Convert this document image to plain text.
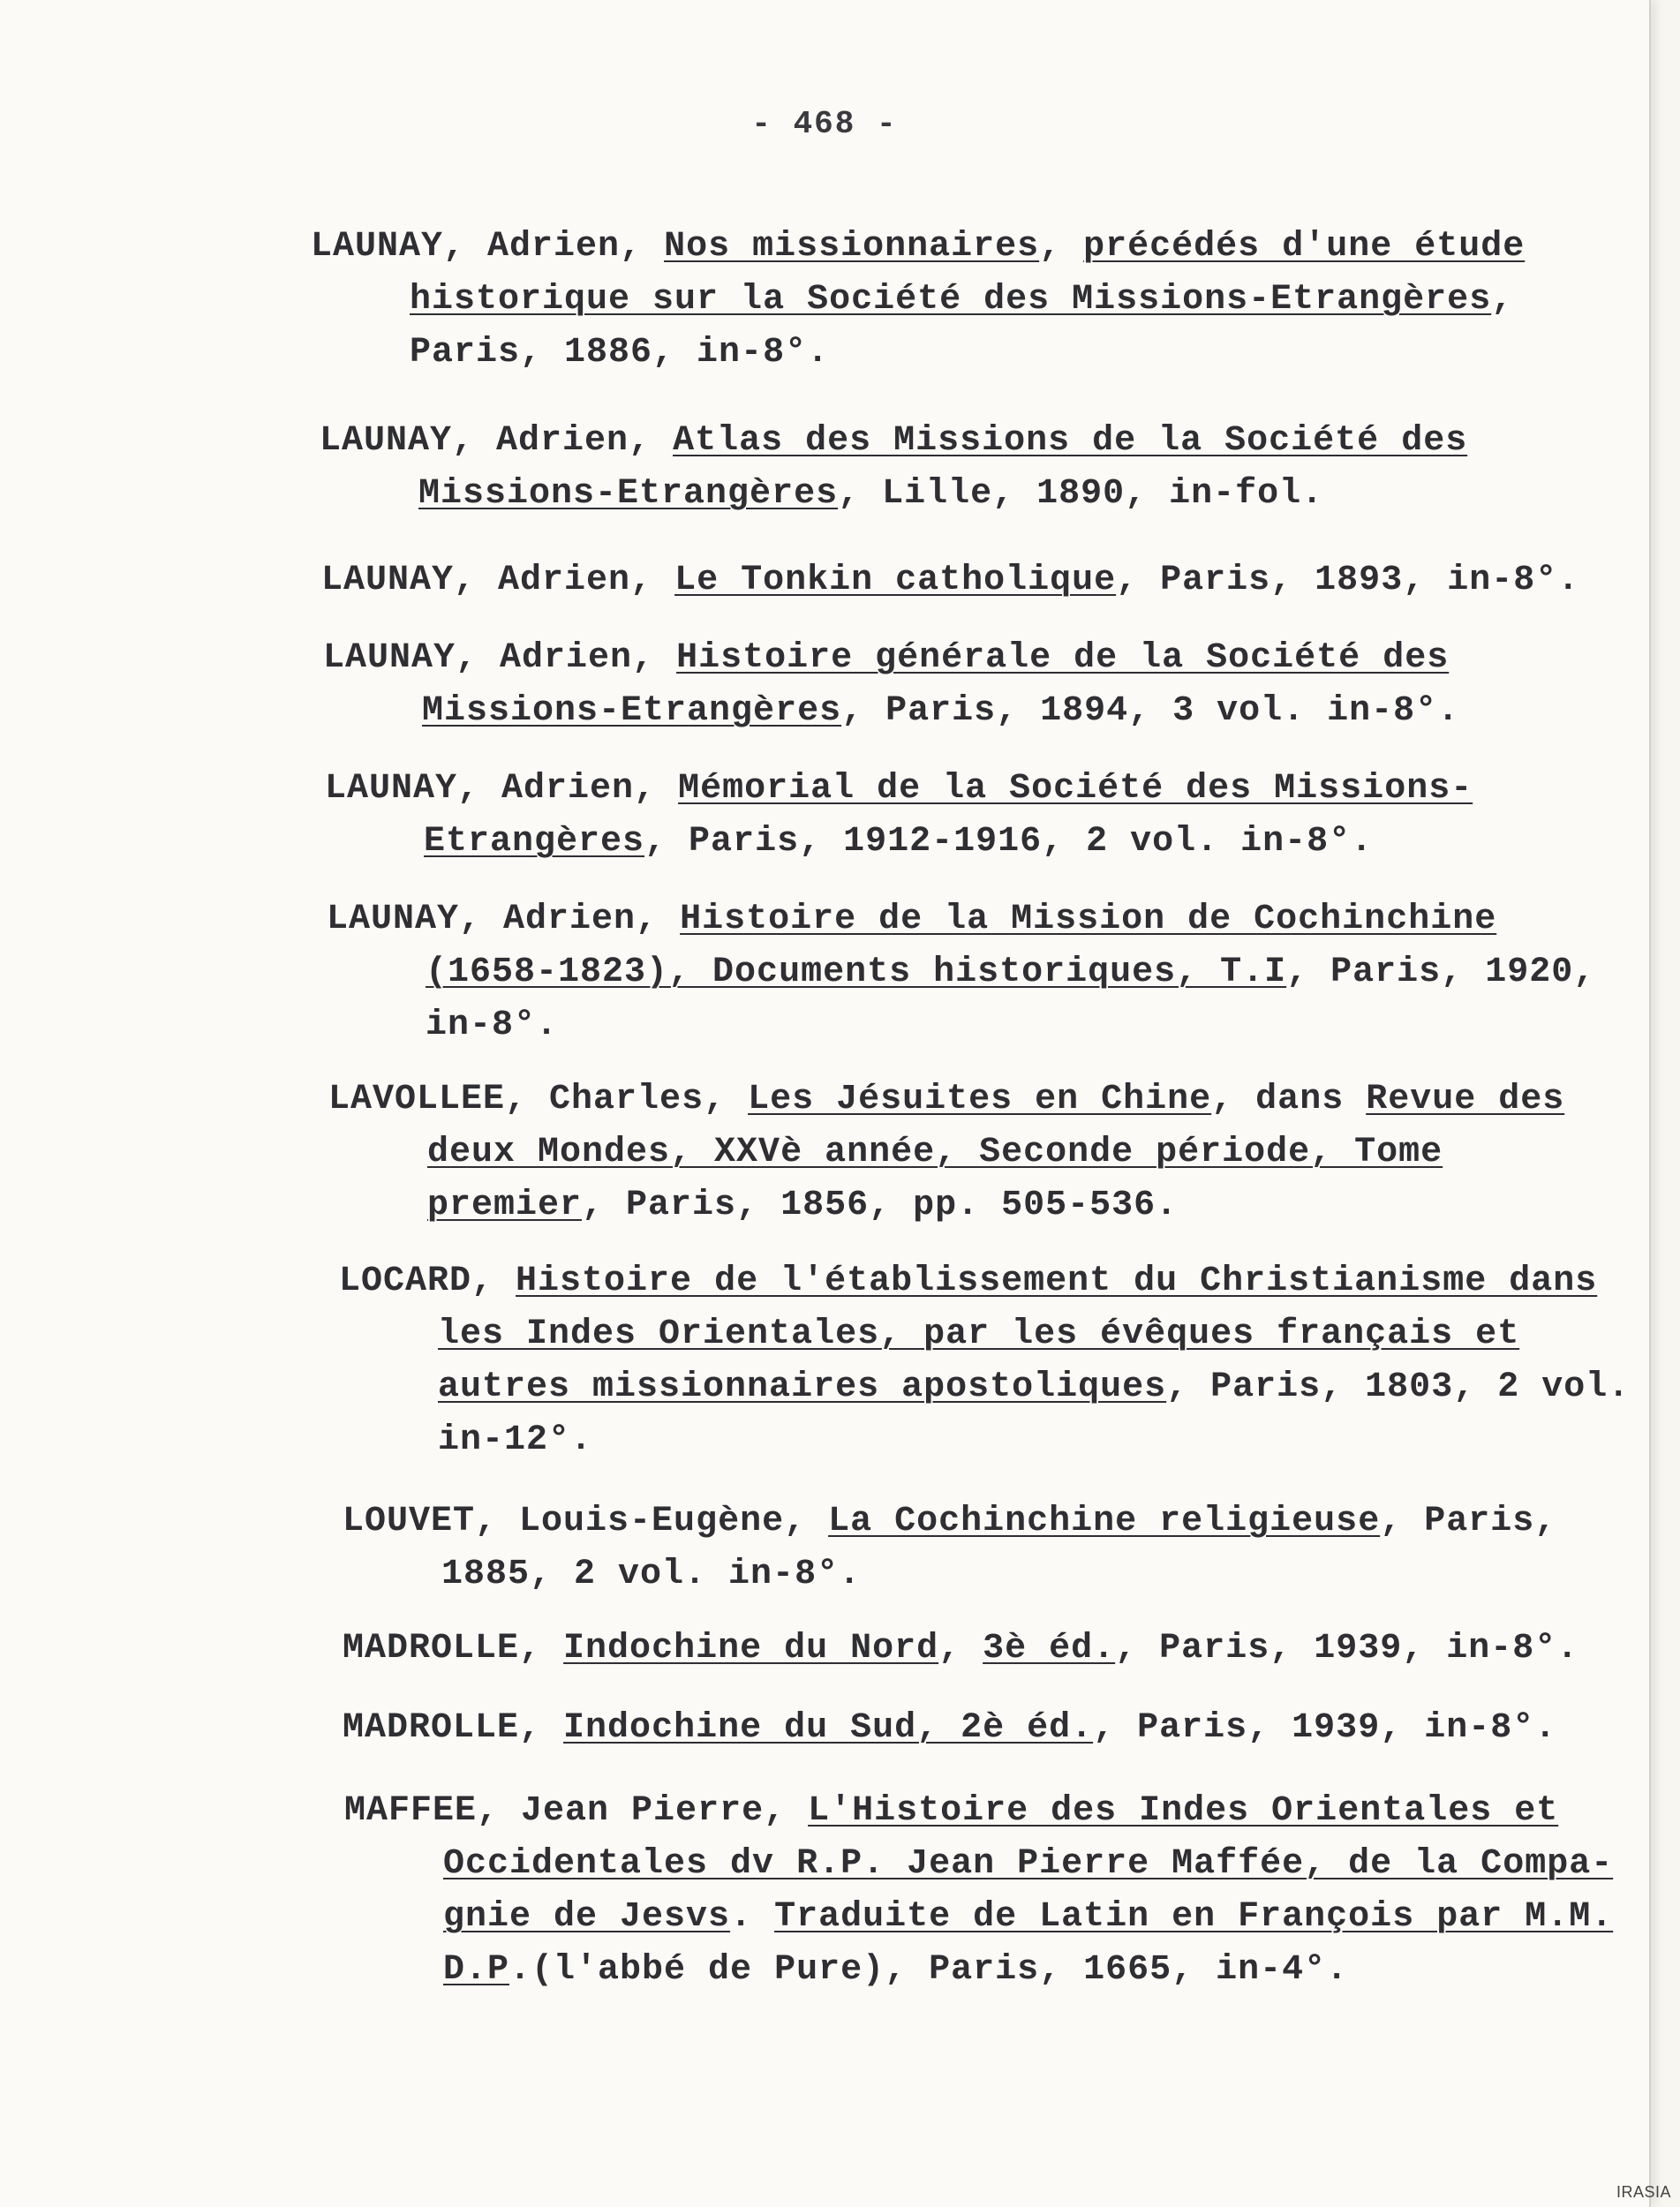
- 468 -
LAUNAY, Adrien, Nos missionnaires, précédés d'une étude
historique sur la Société des Missions-Etrangères,
Paris, 1886, in-8°.
LAUNAY, Adrien, Atlas des Missions de la Société des
Missions-Etrangères, Lille, 1890, in-fol.
LAUNAY, Adrien, Le Tonkin catholique, Paris, 1893, in-8°.
LAUNAY, Adrien, Histoire générale de la Société des
Missions-Etrangères, Paris, 1894, 3 vol. in-8°.
LAUNAY, Adrien, Mémorial de la Société des Missions-
Etrangères, Paris, 1912-1916, 2 vol. in-8°.
LAUNAY, Adrien, Histoire de la Mission de Cochinchine
(1658-1823), Documents historiques, T.I, Paris, 1920,
in-8°.
LAVOLLEE, Charles, Les Jésuites en Chine, dans Revue des
deux Mondes, XXVè année, Seconde période, Tome
premier, Paris, 1856, pp. 505-536.
LOCARD, Histoire de l'établissement du Christianisme dans
les Indes Orientales, par les évêques français et
autres missionnaires apostoliques, Paris, 1803, 2 vol.
in-12°.
LOUVET, Louis-Eugène, La Cochinchine religieuse, Paris,
1885, 2 vol. in-8°.
MADROLLE, Indochine du Nord, 3è éd., Paris, 1939, in-8°.
MADROLLE, Indochine du Sud, 2è éd., Paris, 1939, in-8°.
MAFFEE, Jean Pierre, L'Histoire des Indes Orientales et
Occidentales dv R.P. Jean Pierre Maffée, de la Compa-
gnie de Jesvs. Traduite de Latin en François par M.M.
D.P.(l'abbé de Pure), Paris, 1665, in-4°.
IRASIA
